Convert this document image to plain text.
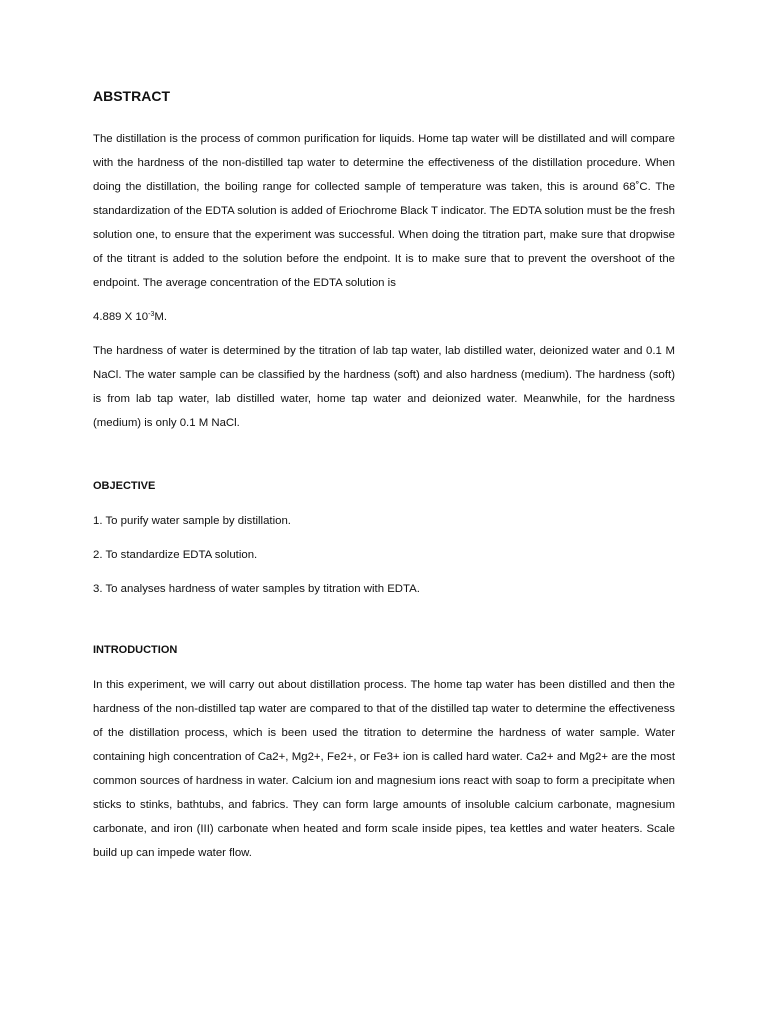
ABSTRACT

The distillation is the process of common purification for liquids. Home tap water will be distillated and will compare with the hardness of the non-distilled tap water to determine the effectiveness of the distillation procedure. When doing the distillation, the boiling range for collected sample of temperature was taken, this is around 68˚C. The standardization of the EDTA solution is added of Eriochrome Black T indicator. The EDTA solution must be the fresh solution one, to ensure that the experiment was successful. When doing the titration part, make sure that dropwise of the titrant is added to the solution before the endpoint. It is to make sure that to prevent the overshoot of the endpoint. The average concentration of the EDTA solution is

4.889 X $10^{-3}M$.

The hardness of water is determined by the titration of lab tap water, lab distilled water, deionized water and 0.1 M NaCl. The water sample can be classified by the hardness (soft) and also hardness (medium). The hardness (soft) is from lab tap water, lab distilled water, home tap water and deionized water. Meanwhile, for the hardness (medium) is only 0.1 M NaCl.

OBJECTIVE

1. To purify water sample by distillation.

2. To standardize EDTA solution.

3. To analyses hardness of water samples by titration with EDTA.

INTRODUCTION

In this experiment, we will carry out about distillation process. The home tap water has been distilled and then the hardness of the non-distilled tap water are compared to that of the distilled tap water to determine the effectiveness of the distillation process, which is been used the titration to determine the hardness of water sample. Water containing high concentration of Ca2+, Mg2+, Fe2+, or Fe3+ ion is called hard water. Ca2+ and Mg2+ are the most common sources of hardness in water. Calcium ion and magnesium ions react with soap to form a precipitate when sticks to stinks, bathtubs, and fabrics. They can form large amounts of insoluble calcium carbonate, magnesium carbonate, and iron (III) carbonate when heated and form scale inside pipes, tea kettles and water heaters. Scale build up can impede water flow.
